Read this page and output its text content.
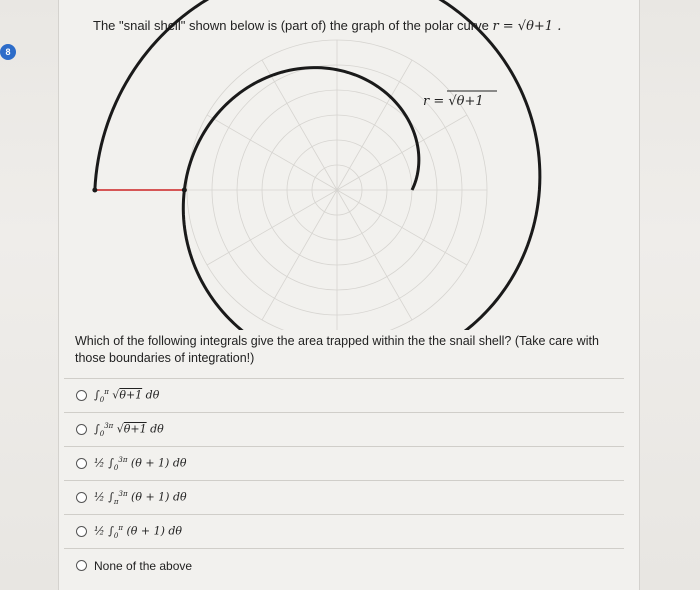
8
The "snail shell" shown below is (part of) the graph of the polar curve r = √θ+1 .
r = √θ+1
Which of the following integrals give the area trapped within the the snail shell? (Take care with those boundaries of integration!)
$\int_0^\pi$ √θ+1 dθ
$\int_0^{3\pi}$ √θ+1 dθ
½ $\int_0^{3\pi}$ (θ + 1) dθ
½ $\int_\pi^{3\pi}$ (θ + 1) dθ
½ $\int_0^\pi$ (θ + 1) dθ
None of the above
